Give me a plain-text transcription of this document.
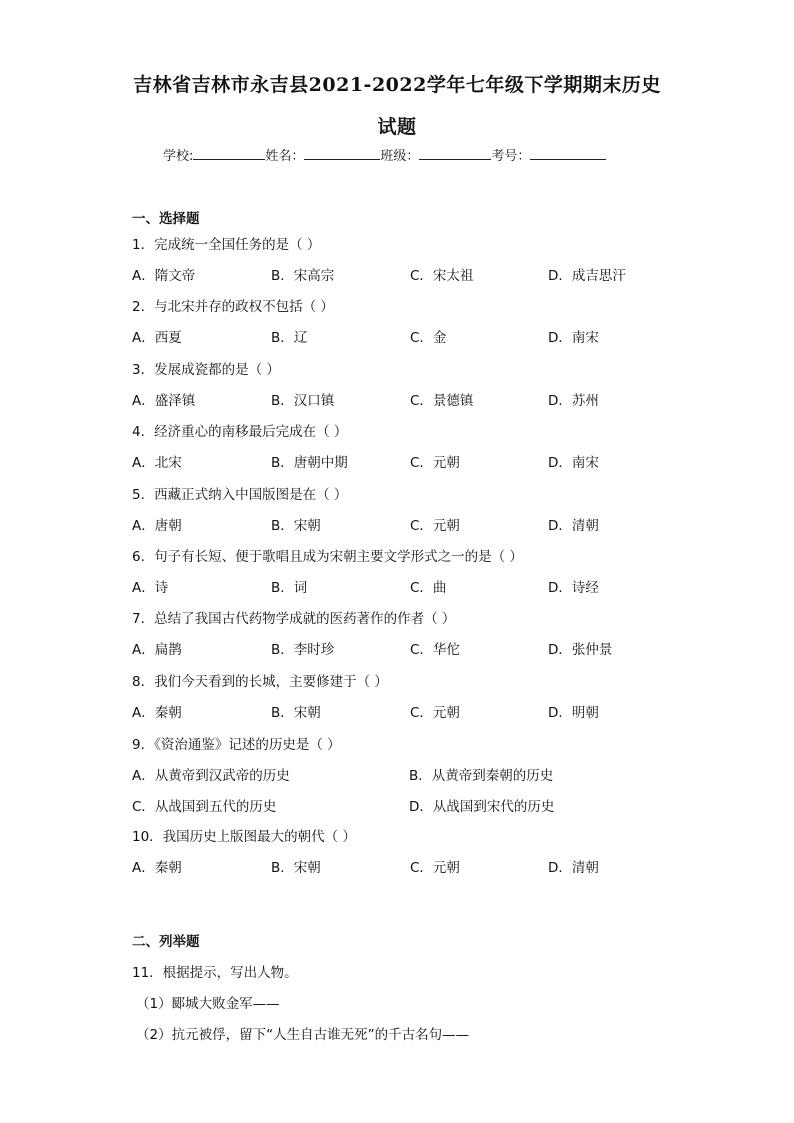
吉林省吉林市永吉县2021-2022学年七年级下学期期末历史
试题
学校:	姓名：	班级：	考号：
一、选择题
1．完成统一全国任务的是（ ）
A．隋文帝	B．宋高宗	C．宋太祖	D．成吉思汗
2．与北宋并存的政权不包括（ ）
A．西夏	B．辽	C．金	D．南宋
3．发展成瓷都的是（ ）
A．盛泽镇	B．汉口镇	C．景德镇	D．苏州
4．经济重心的南移最后完成在（ ）
A．北宋	B．唐朝中期	C．元朝	D．南宋
5．西藏正式纳入中国版图是在（ ）
A．唐朝	B．宋朝	C．元朝	D．清朝
6．句子有长短、便于歌唱且成为宋朝主要文学形式之一的是（ ）
A．诗	B．词	C．曲	D．诗经
7．总结了我国古代药物学成就的医药著作的作者（ ）
A．扁鹊	B．李时珍	C．华佗	D．张仲景
8．我们今天看到的长城，主要修建于（ ）
A．秦朝	B．宋朝	C．元朝	D．明朝
9．《资治通鉴》记述的历史是（ ）
A．从黄帝到汉武帝的历史	B．从黄帝到秦朝的历史
C．从战国到五代的历史	D．从战国到宋代的历史
10．我国历史上版图最大的朝代（ ）
A．秦朝	B．宋朝	C．元朝	D．清朝
二、列举题
11．根据提示，写出人物。
（1）郾城大败金军——
（2）抗元被俘，留下“人生自古谁无死”的千古名句——
